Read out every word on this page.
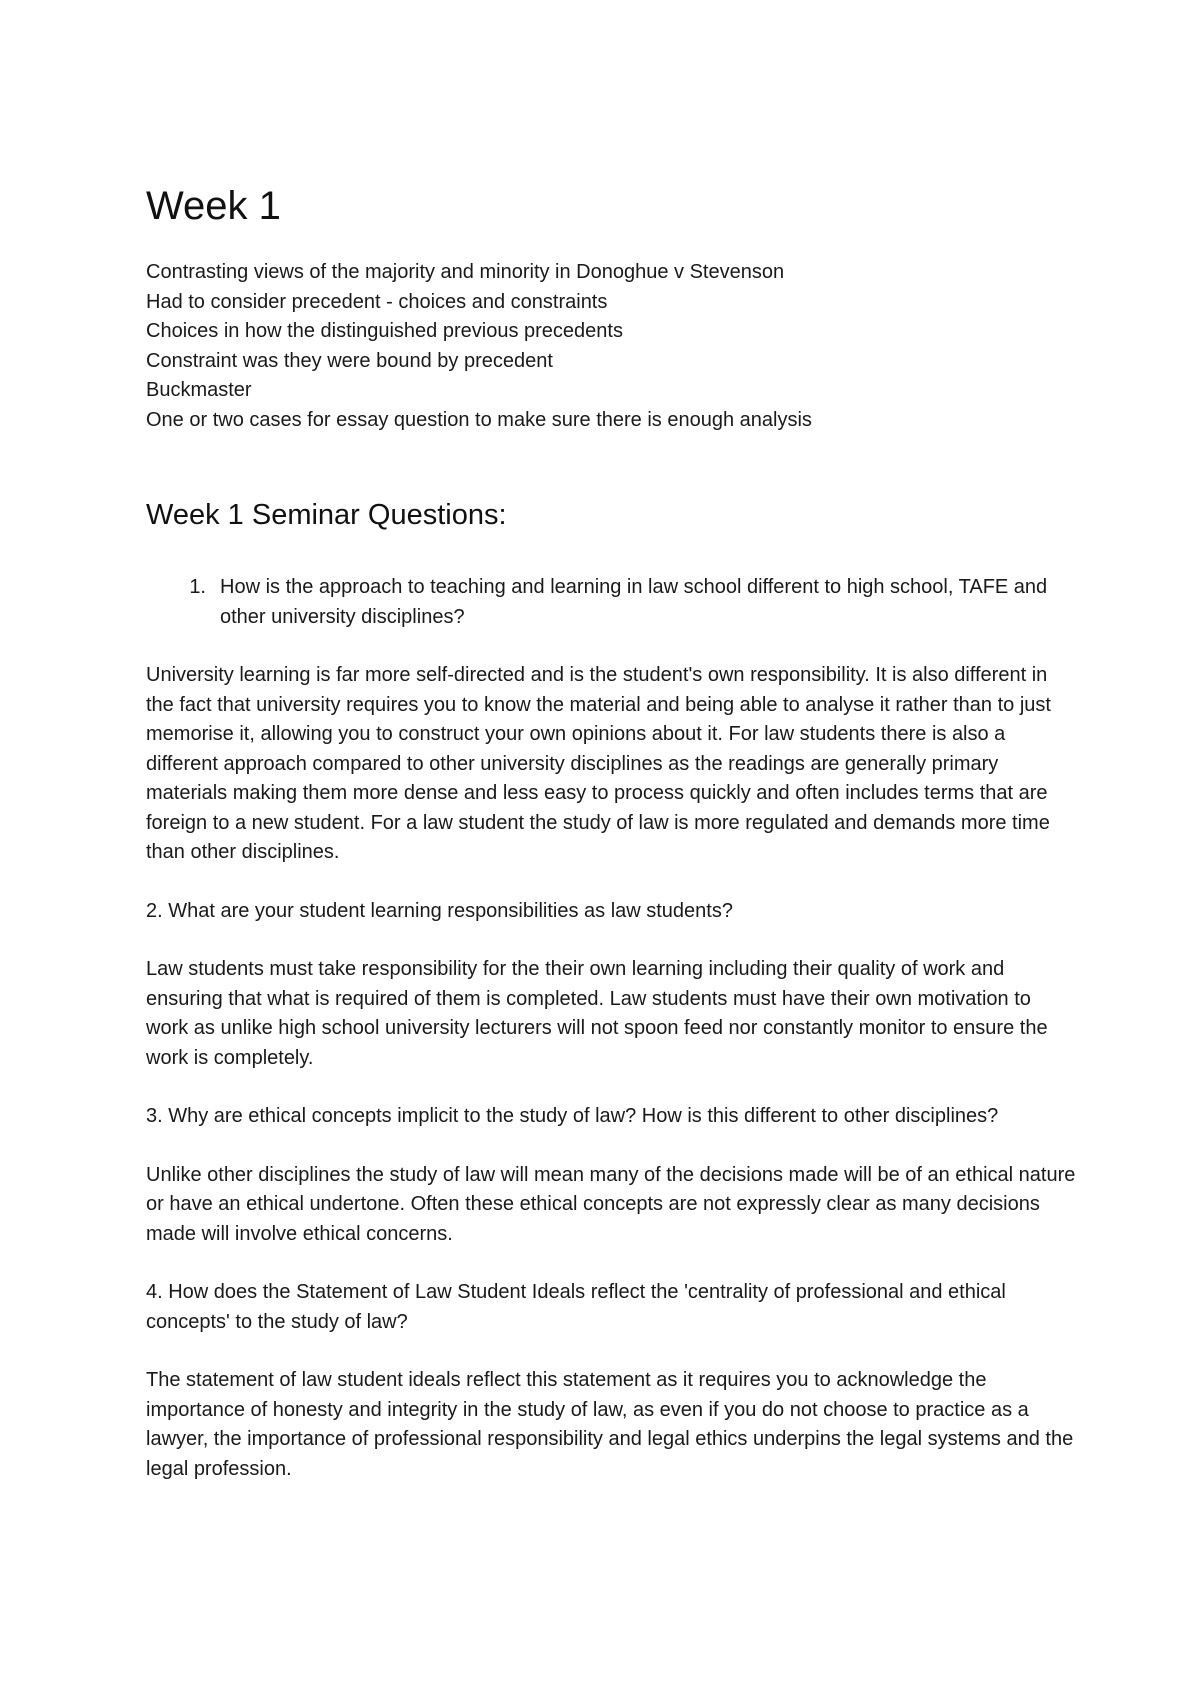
Week 1
Contrasting views of the majority and minority in Donoghue v Stevenson
Had to consider precedent - choices and constraints
Choices in how the distinguished previous precedents
Constraint was they were bound by precedent
Buckmaster
One or two cases for essay question to make sure there is enough analysis
Week 1 Seminar Questions:
1. How is the approach to teaching and learning in law school different to high school, TAFE and other university disciplines?

University learning is far more self-directed and is the student's own responsibility. It is also different in the fact that university requires you to know the material and being able to analyse it rather than to just memorise it, allowing you to construct your own opinions about it. For law students there is also a different approach compared to other university disciplines as the readings are generally primary materials making them more dense and less easy to process quickly and often includes terms that are foreign to a new student. For a law student the study of law is more regulated and demands more time than other disciplines.

2. What are your student learning responsibilities as law students?

Law students must take responsibility for the their own learning including their quality of work and ensuring that what is required of them is completed. Law students must have their own motivation to work as unlike high school university lecturers will not spoon feed nor constantly monitor to ensure the work is completely.

3. Why are ethical concepts implicit to the study of law? How is this different to other disciplines?

Unlike other disciplines the study of law will mean many of the decisions made will be of an ethical nature or have an ethical undertone. Often these ethical concepts are not expressly clear as many decisions made will involve ethical concerns.

4. How does the Statement of Law Student Ideals reflect the 'centrality of professional and ethical concepts' to the study of law?

The statement of law student ideals reflect this statement as it requires you to acknowledge the importance of honesty and integrity in the study of law, as even if you do not choose to practice as a lawyer, the importance of professional responsibility and legal ethics underpins the legal systems and the legal profession.
